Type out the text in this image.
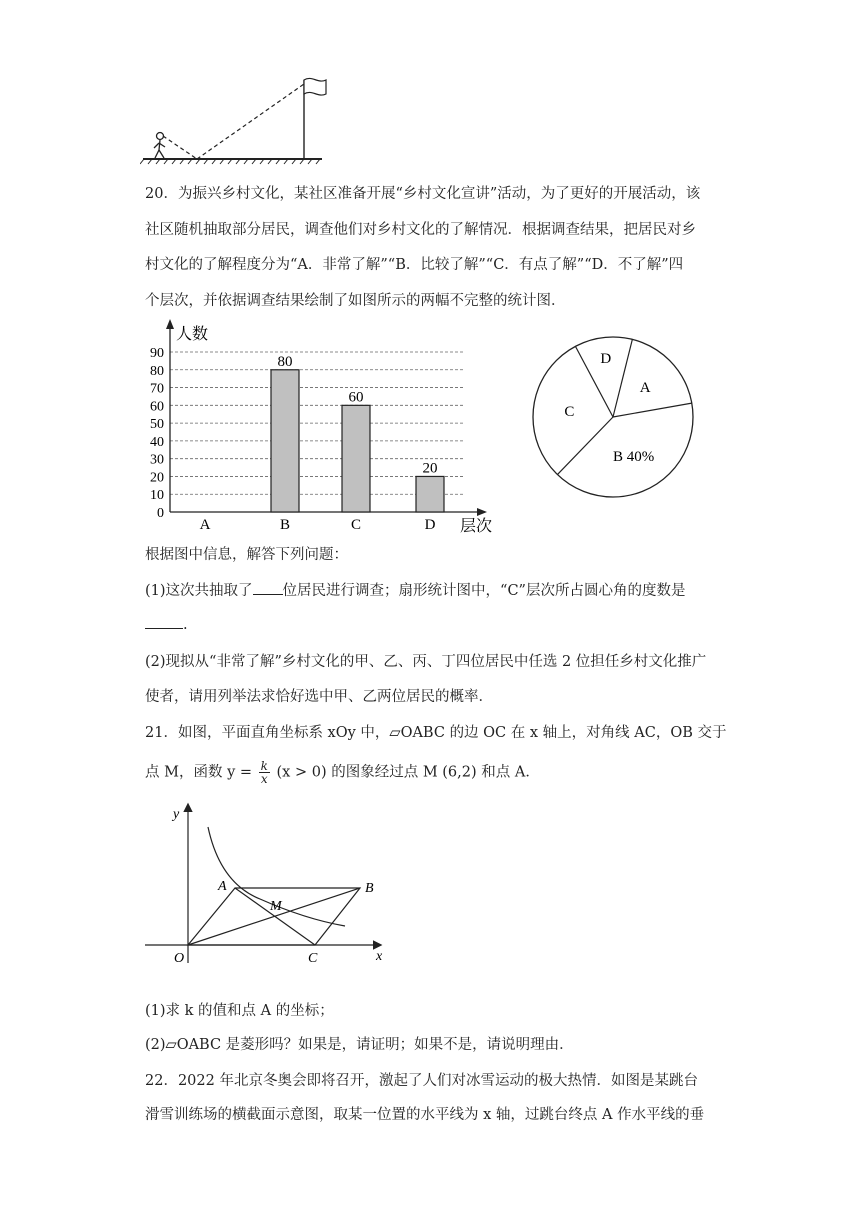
20．为振兴乡村文化，某社区准备开展“乡村文化宣讲”活动，为了更好的开展活动，该
社区随机抽取部分居民，调查他们对乡村文化的了解情况．根据调查结果，把居民对乡
村文化的了解程度分为“A．非常了解”“B．比较了解”“C．有点了解”“D．不了解”四
个层次，并依据调查结果绘制了如图所示的两幅不完整的统计图．
0
10
20
30
40
50
60
70
80
90
人数
层次
A	B
80
C
60
D
20
A
B 40%
C
D
根据图中信息，解答下列问题：
(1)这次共抽取了 位居民进行调查；扇形统计图中，“C”层次所占圆心角的度数是
.
(2)现拟从“非常了解”乡村文化的甲、乙、丙、丁四位居民中任选 2 位担任乡村文化推广
使者，请用列举法求恰好选中甲、乙两位居民的概率．
21．如图，平面直角坐标系 xOy 中，▱OABC 的边 OC 在 x 轴上，对角线 AC，OB 交于
点 M，函数 $y = \frac{k}{x} (x > 0)$ 的图象经过点 M (6,2) 和点 A．
y
x
O
A	B
C
M
(1)求 k 的值和点 A 的坐标；
(2)▱OABC 是菱形吗？如果是，请证明；如果不是，请说明理由．
22．2022 年北京冬奥会即将召开，激起了人们对冰雪运动的极大热情．如图是某跳台
滑雪训练场的横截面示意图，取某一位置的水平线为 x 轴，过跳台终点 A 作水平线的垂
